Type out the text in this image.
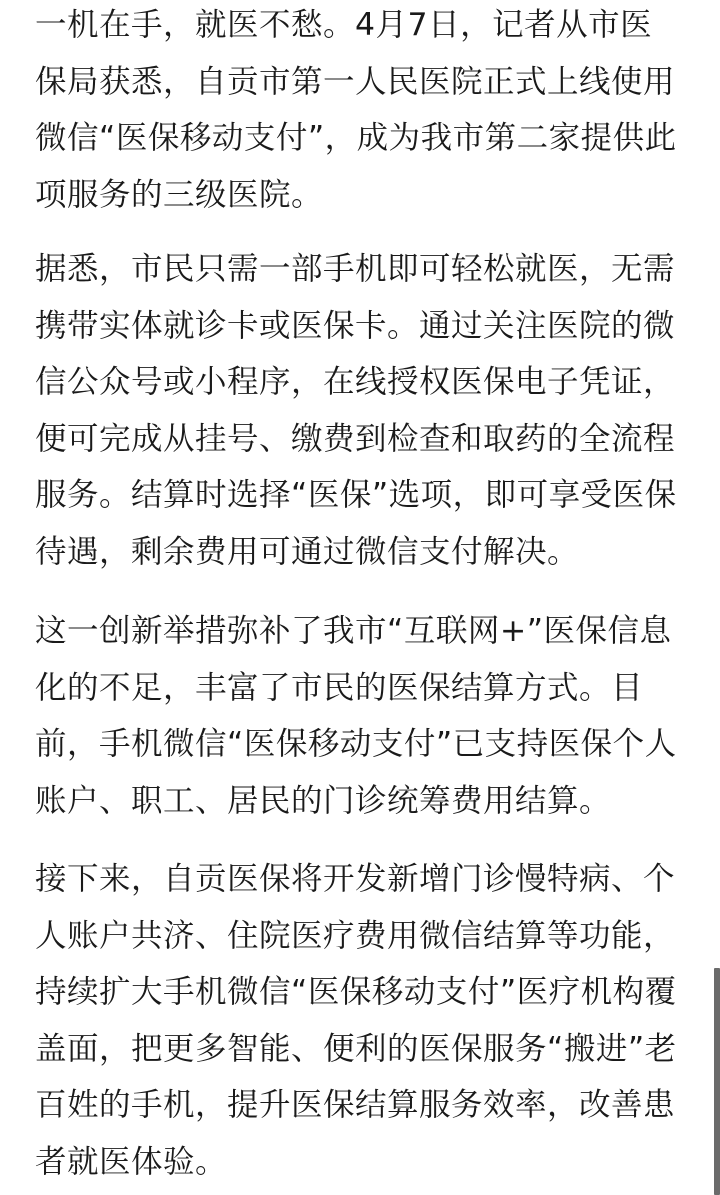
一机在手，就医不愁。4月7日，记者从市医
保局获悉，自贡市第一人民医院正式上线使用
微信“医保移动支付”，成为我市第二家提供此
项服务的三级医院。
据悉，市民只需一部手机即可轻松就医，无需
携带实体就诊卡或医保卡。通过关注医院的微
信公众号或小程序，在线授权医保电子凭证，
便可完成从挂号、缴费到检查和取药的全流程
服务。结算时选择“医保”选项，即可享受医保
待遇，剩余费用可通过微信支付解决。
这一创新举措弥补了我市“互联网+”医保信息
化的不足，丰富了市民的医保结算方式。目
前，手机微信“医保移动支付”已支持医保个人
账户、职工、居民的门诊统筹费用结算。
接下来，自贡医保将开发新增门诊慢特病、个
人账户共济、住院医疗费用微信结算等功能，
持续扩大手机微信“医保移动支付”医疗机构覆
盖面，把更多智能、便利的医保服务“搬进”老
百姓的手机，提升医保结算服务效率，改善患
者就医体验。
